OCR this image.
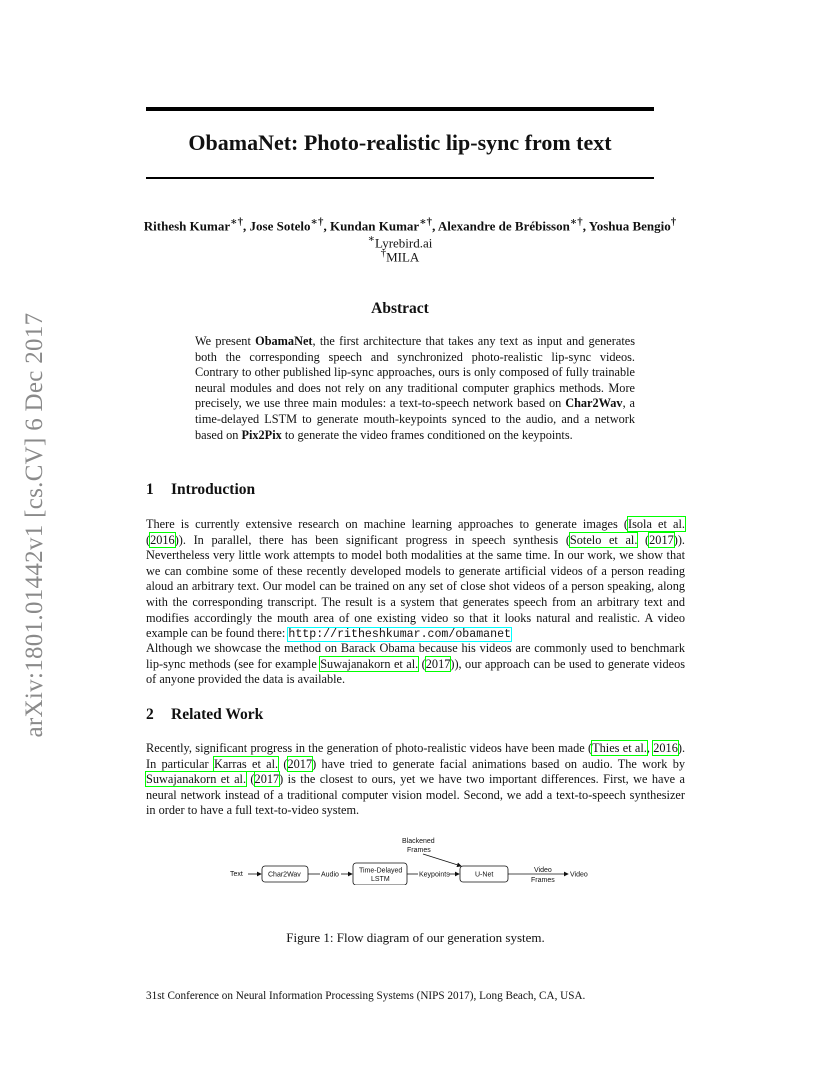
arXiv:1801.01442v1 [cs.CV] 6 Dec 2017
ObamaNet: Photo-realistic lip-sync from text
Rithesh Kumar∗†, Jose Sotelo∗†, Kundan Kumar∗†, Alexandre de Brébisson∗†, Yoshua Bengio†
∗Lyrebird.ai
†MILA
Abstract

We present ObamaNet, the first architecture that takes any text as input and generates both the corresponding speech and synchronized photo-realistic lip-sync videos. Contrary to other published lip-sync approaches, ours is only composed of fully trainable neural modules and does not rely on any traditional computer graphics methods. More precisely, we use three main modules: a text-to-speech network based on Char2Wav, a time-delayed LSTM to generate mouth-keypoints synced to the audio, and a network based on Pix2Pix to generate the video frames conditioned on the keypoints.

1 Introduction

There is currently extensive research on machine learning approaches to generate images (Isola et al. (2016)). In parallel, there has been significant progress in speech synthesis (Sotelo et al. (2017)). Nevertheless very little work attempts to model both modalities at the same time. In our work, we show that we can combine some of these recently developed models to generate artificial videos of a person reading aloud an arbitrary text. Our model can be trained on any set of close shot videos of a person speaking, along with the corresponding transcript. The result is a system that generates speech from an arbitrary text and modifies accordingly the mouth area of one existing video so that it looks natural and realistic. A video example can be found there: http://ritheshkumar.com/obamanet

Although we showcase the method on Barack Obama because his videos are commonly used to benchmark lip-sync methods (see for example Suwajanakorn et al. (2017)), our approach can be used to generate videos of anyone provided the data is available.

2 Related Work

Recently, significant progress in the generation of photo-realistic videos have been made (Thies et al., 2016). In particular Karras et al. (2017) have tried to generate facial animations based on audio. The work by Suwajanakorn et al. (2017) is the closest to ours, yet we have two important differences. First, we have a neural network instead of a traditional computer vision model. Second, we add a text-to-speech synthesizer in order to have a full text-to-video system.

Text	Char2Wav	Audio
Time-Delayed
LSTM
Keypoints
Blackened
Frames
U-Net
Video
Frames
Video

Figure 1: Flow diagram of our generation system.

31st Conference on Neural Information Processing Systems (NIPS 2017), Long Beach, CA, USA.
